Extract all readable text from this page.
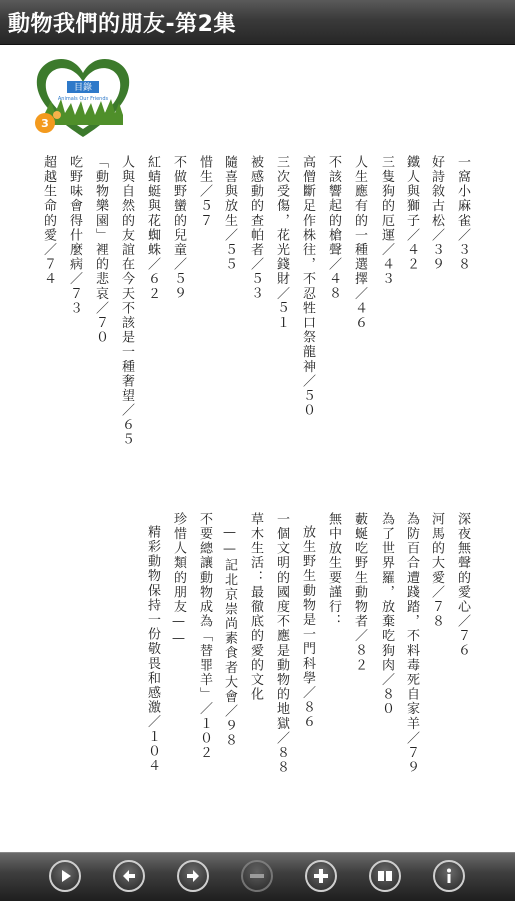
動物我們的朋友-第2集
目錄
Animals Our Friends
3
一窩小麻雀／３８
好詩敘古松／３９
鐵人與獅子／４２
三隻狗的厄運／４３
人生應有的一種選擇／４６
不該響起的槍聲／４８
高僧斷足作株往，不忍牲口祭龍神／５０
三次受傷，花光錢財／５１
被感動的查帕者／５３
隨喜與放生／５５
惜生／５７
不做野蠻的兒童／５９
紅蜻蜓與花蜘蛛／６２
人與自然的友誼在今天不該是一種奢望／６５
「動物樂園」裡的悲哀／７０
吃野味會得什麼病／７３
超越生命的愛／７４
深夜無聲的愛心／７６
河馬的大愛／７８
為防百合遭踐踏，不料毒死自家羊／７９
為了世界羅，放棄吃狗肉／８０
藪蜒吃野生動物者／８２
無中放生要謹行：
放生野生動物是一門科學／８６
一個文明的國度不應是動物的地獄／８８
草木生活：最徹底的愛的文化
——記北京崇尚素食者大會／９８
不要總讓動物成為「替罪羊」／１０２
珍惜人類的朋友——
精彩動物保持一份敬畏和感激／１０４
